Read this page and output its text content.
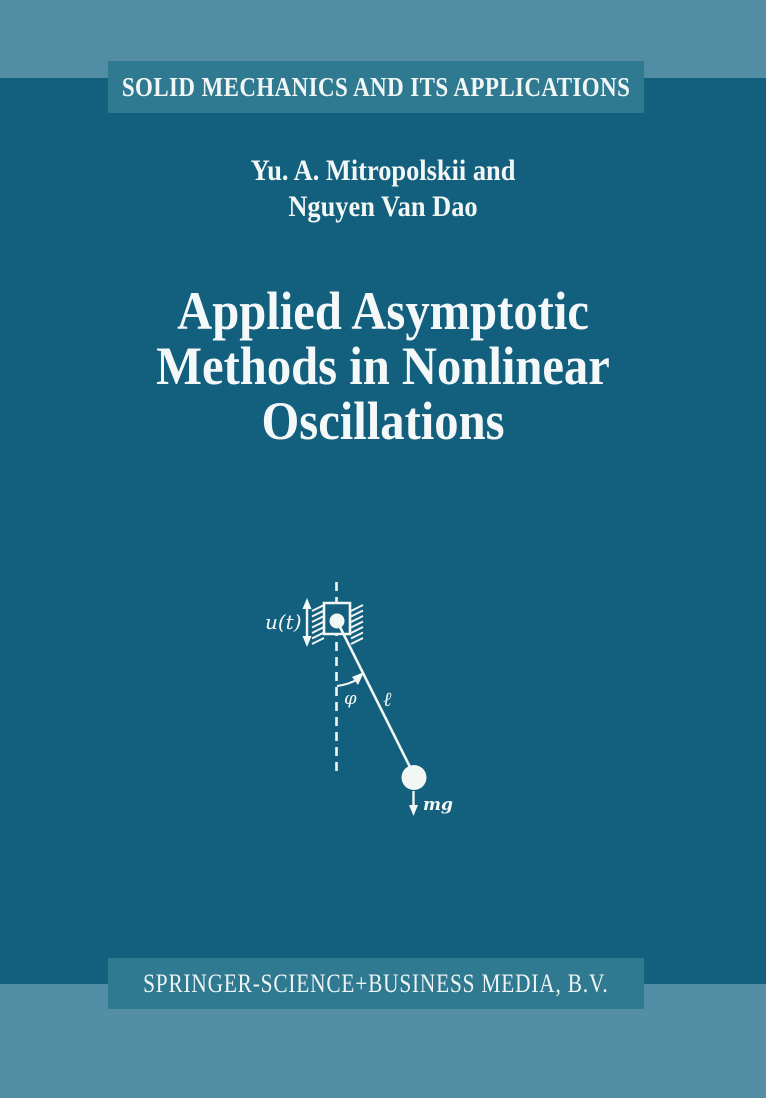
SOLID MECHANICS AND ITS APPLICATIONS
Yu. A. Mitropolskii and
Nguyen Van Dao
Applied Asymptotic
Methods in Nonlinear
Oscillations
u(t)
φ ℓ
mg
SPRINGER-SCIENCE+BUSINESS MEDIA, B.V.
